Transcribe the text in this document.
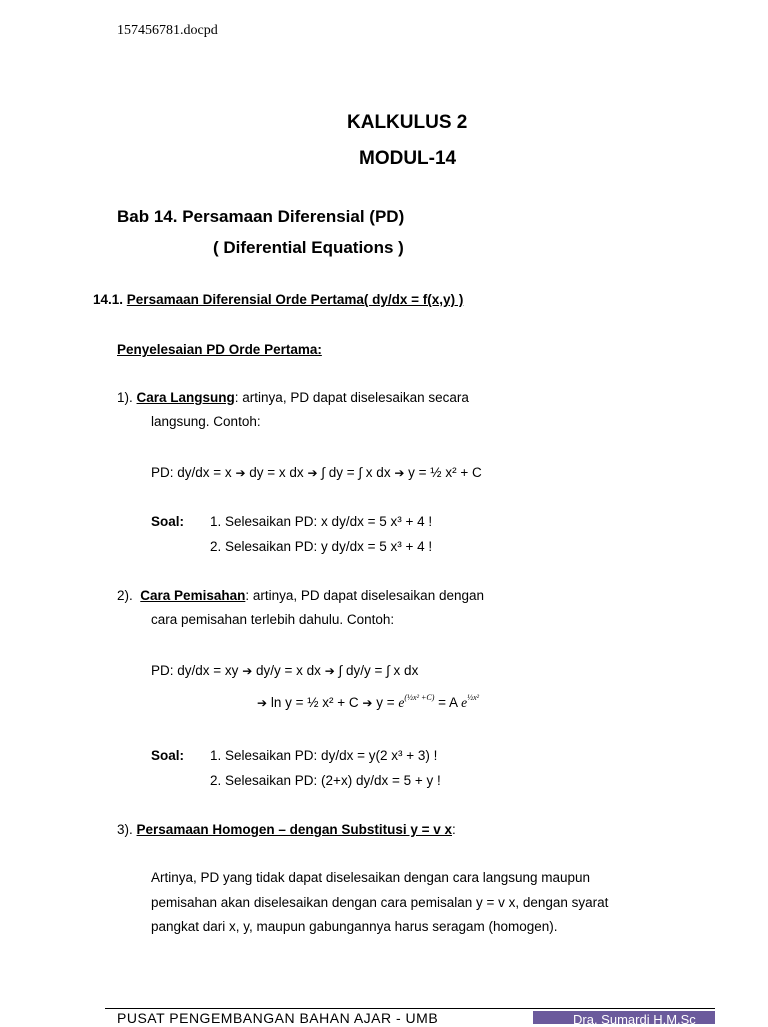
157456781.docpd
KALKULUS 2
MODUL-14
Bab 14. Persamaan Diferensial (PD)
( Diferential Equations )
14.1. Persamaan Diferensial Orde Pertama( dy/dx = f(x,y) )
Penyelesaian PD Orde Pertama:
1). Cara Langsung: artinya, PD dapat diselesaikan secara
langsung. Contoh:
PD: dy/dx = x ➔ dy = x dx ➔ ∫ dy = ∫ x dx ➔ y = ½ x² + C
Soal: 1. Selesaikan PD: x dy/dx = 5 x³ + 4 !
2. Selesaikan PD: y dy/dx = 5 x³ + 4 !
2). Cara Pemisahan: artinya, PD dapat diselesaikan dengan
cara pemisahan terlebih dahulu. Contoh:
PD: dy/dx = xy ➔ dy/y = x dx ➔ ∫ dy/y = ∫ x dx
➔ ln y = ½ x² + C ➔ $y = e^{(\frac{1}{2}x^2 +C)} = A$ $e^{\frac{1}{2}x^2}$
Soal: 1. Selesaikan PD: dy/dx = y(2 x³ + 3) !
2. Selesaikan PD: (2+x) dy/dx = 5 + y !
3). Persamaan Homogen – dengan Substitusi y = v x:
Artinya, PD yang tidak dapat diselesaikan dengan cara langsung maupun
pemisahan akan diselesaikan dengan cara pemisalan y = v x, dengan syarat
pangkat dari x, y, maupun gabungannya harus seragam (homogen).
PUSAT PENGEMBANGAN BAHAN AJAR - UMB	Dra. Sumardi H.M.Sc
